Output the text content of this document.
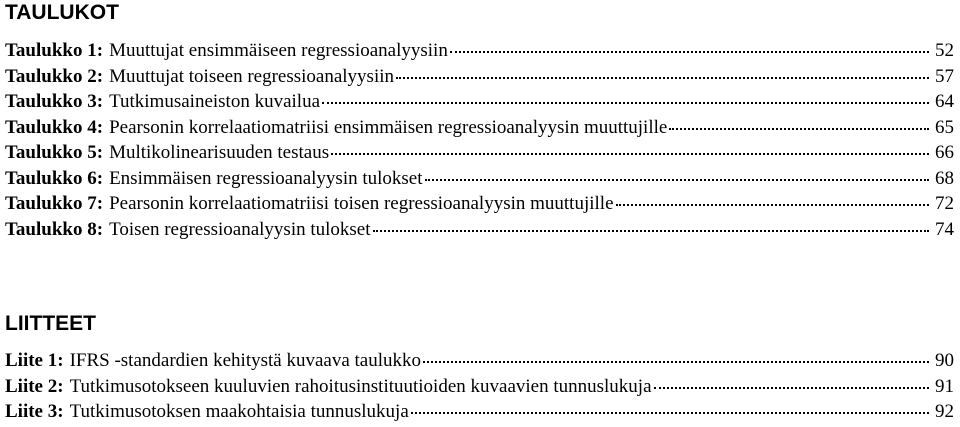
TAULUKOT
Taulukko 1: Muuttujat ensimmäiseen regressioanalyysiin	52
Taulukko 2: Muuttujat toiseen regressioanalyysiin	57
Taulukko 3: Tutkimusaineiston kuvailua	64
Taulukko 4: Pearsonin korrelaatiomatriisi ensimmäisen regressioanalyysin muuttujille	65
Taulukko 5: Multikolinearisuuden testaus	66
Taulukko 6: Ensimmäisen regressioanalyysin tulokset	68
Taulukko 7: Pearsonin korrelaatiomatriisi toisen regressioanalyysin muuttujille	72
Taulukko 8: Toisen regressioanalyysin tulokset	74
LIITTEET
Liite 1: IFRS -standardien kehitystä kuvaava taulukko	90
Liite 2: Tutkimusotokseen kuuluvien rahoitusinstituutioiden kuvaavien tunnuslukuja	91
Liite 3: Tutkimusotoksen maakohtaisia tunnuslukuja	92
